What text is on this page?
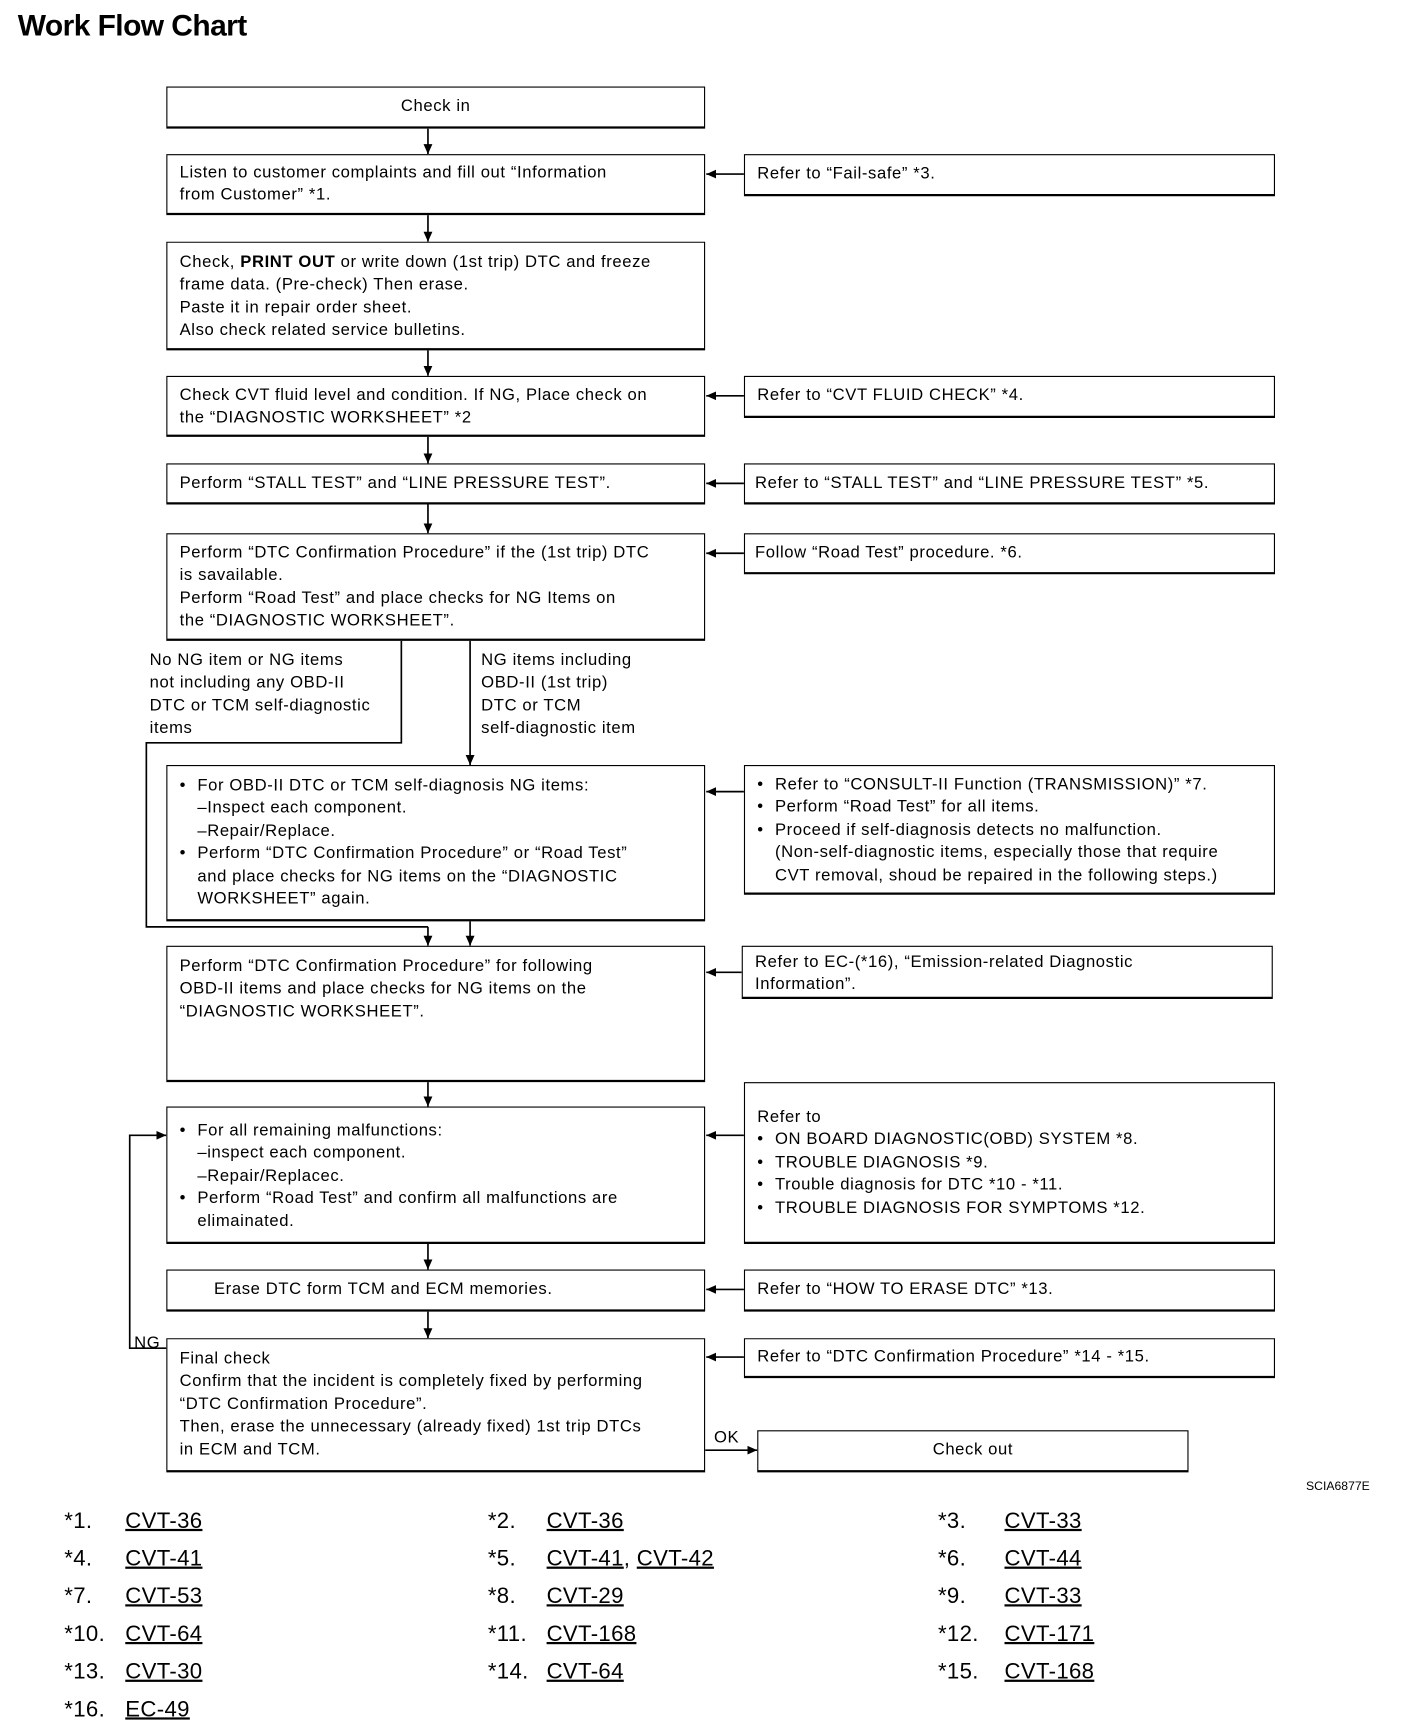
Work Flow Chart
Check in
Listen to customer complaints and fill out “Information
from Customer” *1.
Check, PRINT OUT or write down (1st trip) DTC and freeze
frame data. (Pre-check) Then erase.
Paste it in repair order sheet.
Also check related service bulletins.
Check CVT fluid level and condition. If NG, Place check on
the “DIAGNOSTIC WORKSHEET” *2
Perform “STALL TEST” and “LINE PRESSURE TEST”.
Perform “DTC Confirmation Procedure” if the (1st trip) DTC
is savailable.
Perform “Road Test” and place checks for NG Items on
the “DIAGNOSTIC WORKSHEET”.
No NG item or NG items
not including any OBD-II
DTC or TCM self-diagnostic
items
NG items including
OBD-II (1st trip)
DTC or TCM
self-diagnostic item
• For OBD-II DTC or TCM self-diagnosis NG items:
–Inspect each component.
–Repair/Replace.
• Perform “DTC Confirmation Procedure” or “Road Test”
and place checks for NG items on the “DIAGNOSTIC
WORKSHEET” again.
Perform “DTC Confirmation Procedure” for following
OBD-II items and place checks for NG items on the
“DIAGNOSTIC WORKSHEET”.
• For all remaining malfunctions:
–inspect each component.
–Repair/Replacec.
• Perform “Road Test” and confirm all malfunctions are
elimainated.
Erase DTC form TCM and ECM memories.
Final check
Confirm that the incident is completely fixed by performing
“DTC Confirmation Procedure”.
Then, erase the unnecessary (already fixed) 1st trip DTCs
in ECM and TCM.
NG
OK
Check out
Refer to “Fail-safe” *3.
Refer to “CVT FLUID CHECK” *4.
Refer to “STALL TEST” and “LINE PRESSURE TEST” *5.
Follow “Road Test” procedure. *6.
• Refer to “CONSULT-II Function (TRANSMISSION)” *7.
• Perform “Road Test” for all items.
• Proceed if self-diagnosis detects no malfunction.
(Non-self-diagnostic items, especially those that require
CVT removal, shoud be repaired in the following steps.)
Refer to EC-(*16), “Emission-related Diagnostic
Information”.
Refer to
• ON BOARD DIAGNOSTIC(OBD) SYSTEM *8.
• TROUBLE DIAGNOSIS *9.
• Trouble diagnosis for DTC *10 - *11.
• TROUBLE DIAGNOSIS FOR SYMPTOMS *12.
Refer to “HOW TO ERASE DTC” *13.
Refer to “DTC Confirmation Procedure” *14 - *15.
SCIA6877E
*1. CVT-36	*2. CVT-36	*3. CVT-33
*4. CVT-41	*5. CVT-41, CVT-42	*6. CVT-44
*7. CVT-53	*8. CVT-29	*9. CVT-33
*10. CVT-64	*11. CVT-168	*12. CVT-171
*13. CVT-30	*14. CVT-64	*15. CVT-168
*16. EC-49
